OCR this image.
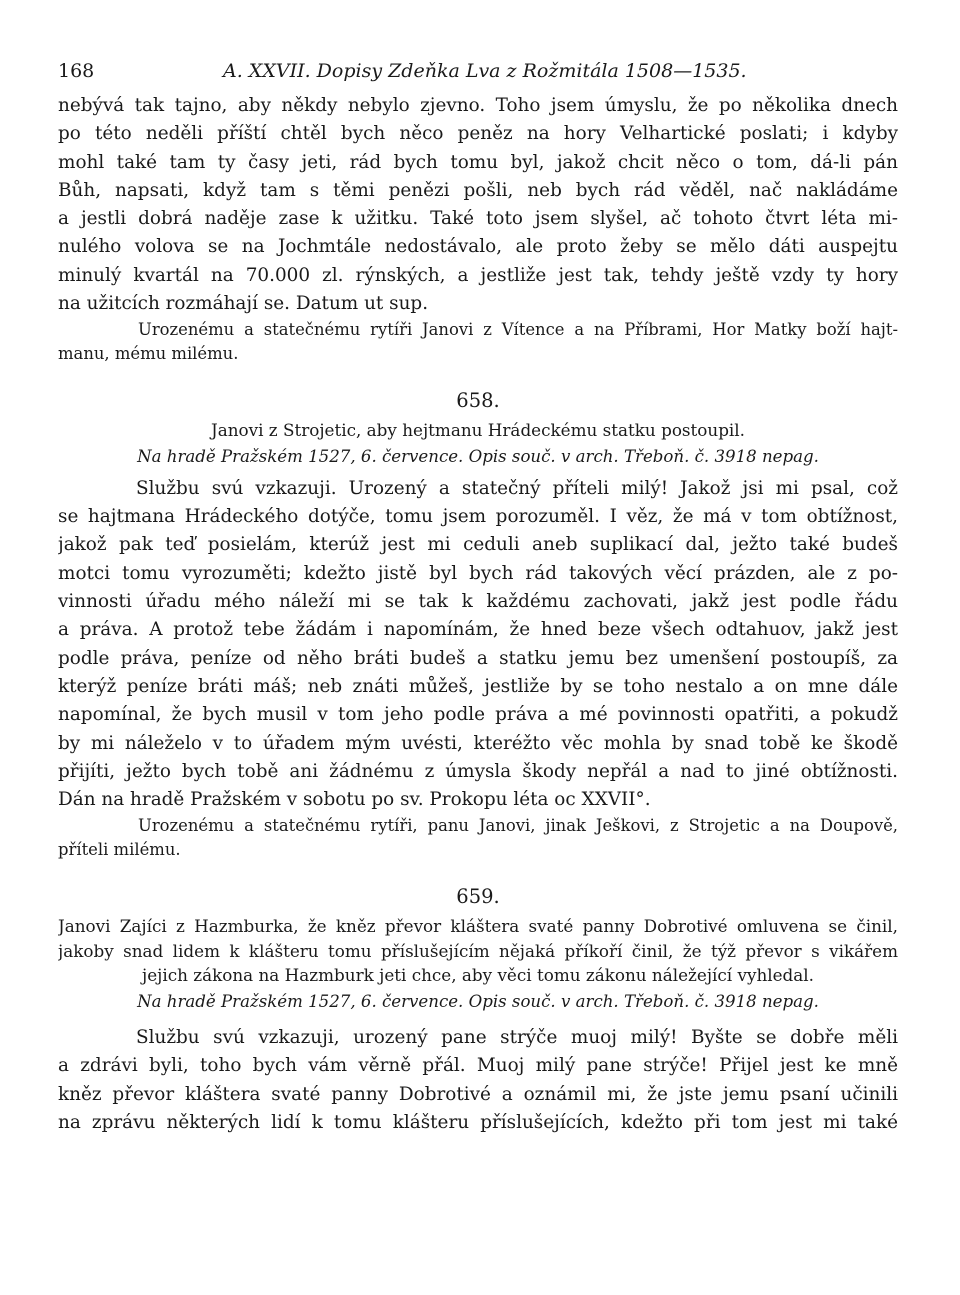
168	A. XXVII. Dopisy Zdeňka Lva z Rožmitála 1508—1535.
nebývá tak tajno, aby někdy nebylo zjevno. Toho jsem úmyslu, že po několika dnech
po této neděli příští chtěl bych něco peněz na hory Velhartické poslati; i kdyby
mohl také tam ty časy jeti, rád bych tomu byl, jakož chcit něco o tom, dá-li pán
Bůh, napsati, když tam s těmi penězi pošli, neb bych rád věděl, nač nakládáme
a jestli dobrá naděje zase k užitku. Také toto jsem slyšel, ač tohoto čtvrt léta mi-
nulého volova se na Jochmtále nedostávalo, ale proto žeby se mělo dáti auspejtu
minulý kvartál na 70.000 zl. rýnských, a jestliže jest tak, tehdy ještě vzdy ty hory
na užitcích rozmáhají se. Datum ut sup.
Urozenému a statečnému rytíři Janovi z Vítence a na Příbrami, Hor Matky boží hajt-
manu, mému milému.
658.
Janovi z Strojetic, aby hejtmanu Hrádeckému statku postoupil.
Na hradě Pražském 1527, 6. července. Opis souč. v arch. Třeboň. č. 3918 nepag.
Službu svú vzkazuji. Urozený a statečný příteli milý! Jakož jsi mi psal, což
se hajtmana Hrádeckého dotýče, tomu jsem porozuměl. I věz, že má v tom obtížnost,
jakož pak teď posielám, kterúž jest mi ceduli aneb suplikací dal, ježto také budeš
motci tomu vyrozuměti; kdežto jistě byl bych rád takových věcí prázden, ale z po-
vinnosti úřadu mého náleží mi se tak k každému zachovati, jakž jest podle řádu
a práva. A protož tebe žádám i napomínám, že hned beze všech odtahuov, jakž jest
podle práva, peníze od něho bráti budeš a statku jemu bez umenšení postoupíš, za
kterýž peníze bráti máš; neb znáti můžeš, jestliže by se toho nestalo a on mne dále
napomínal, že bych musil v tom jeho podle práva a mé povinnosti opatřiti, a pokudž
by mi náleželo v to úřadem mým uvésti, kteréžto věc mohla by snad tobě ke škodě
přijíti, ježto bych tobě ani žádnému z úmysla škody nepřál a nad to jiné obtížnosti.
Dán na hradě Pražském v sobotu po sv. Prokopu léta oc XXVII°.
Urozenému a statečnému rytíři, panu Janovi, jinak Ješkovi, z Strojetic a na Doupově,
příteli milému.
659.
Janovi Zajíci z Hazmburka, že kněz převor kláštera svaté panny Dobrotivé omluvena se činil,
jakoby snad lidem k klášteru tomu příslušejícím nějaká příkoří činil, že týž převor s vikářem
jejich zákona na Hazmburk jeti chce, aby věci tomu zákonu náležející vyhledal.
Na hradě Pražském 1527, 6. července. Opis souč. v arch. Třeboň. č. 3918 nepag.
Službu svú vzkazuji, urozený pane strýče muoj milý! Byšte se dobře měli
a zdrávi byli, toho bych vám věrně přál. Muoj milý pane strýče! Přijel jest ke mně
kněz převor kláštera svaté panny Dobrotivé a oznámil mi, že jste jemu psaní učinili
na zprávu některých lidí k tomu klášteru příslušejících, kdežto při tom jest mi také
